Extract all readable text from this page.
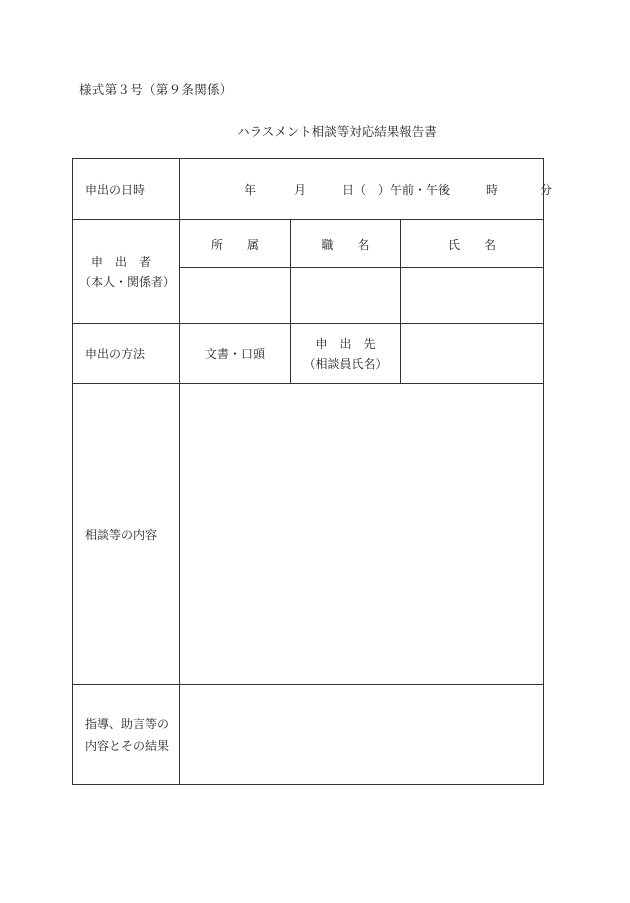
様式第３号（第９条関係）
ハラスメント相談等対応結果報告書
申出の日時	年 月 日（　）午前・午後 時 分		

申　出　者
（本人・関係者）	所　　属	職　　名	氏　　名

申出の方法	文書・口頭	申　出　先
（相談員氏名）	

相談等の内容			

指導、助言等の
内容とその結果			
